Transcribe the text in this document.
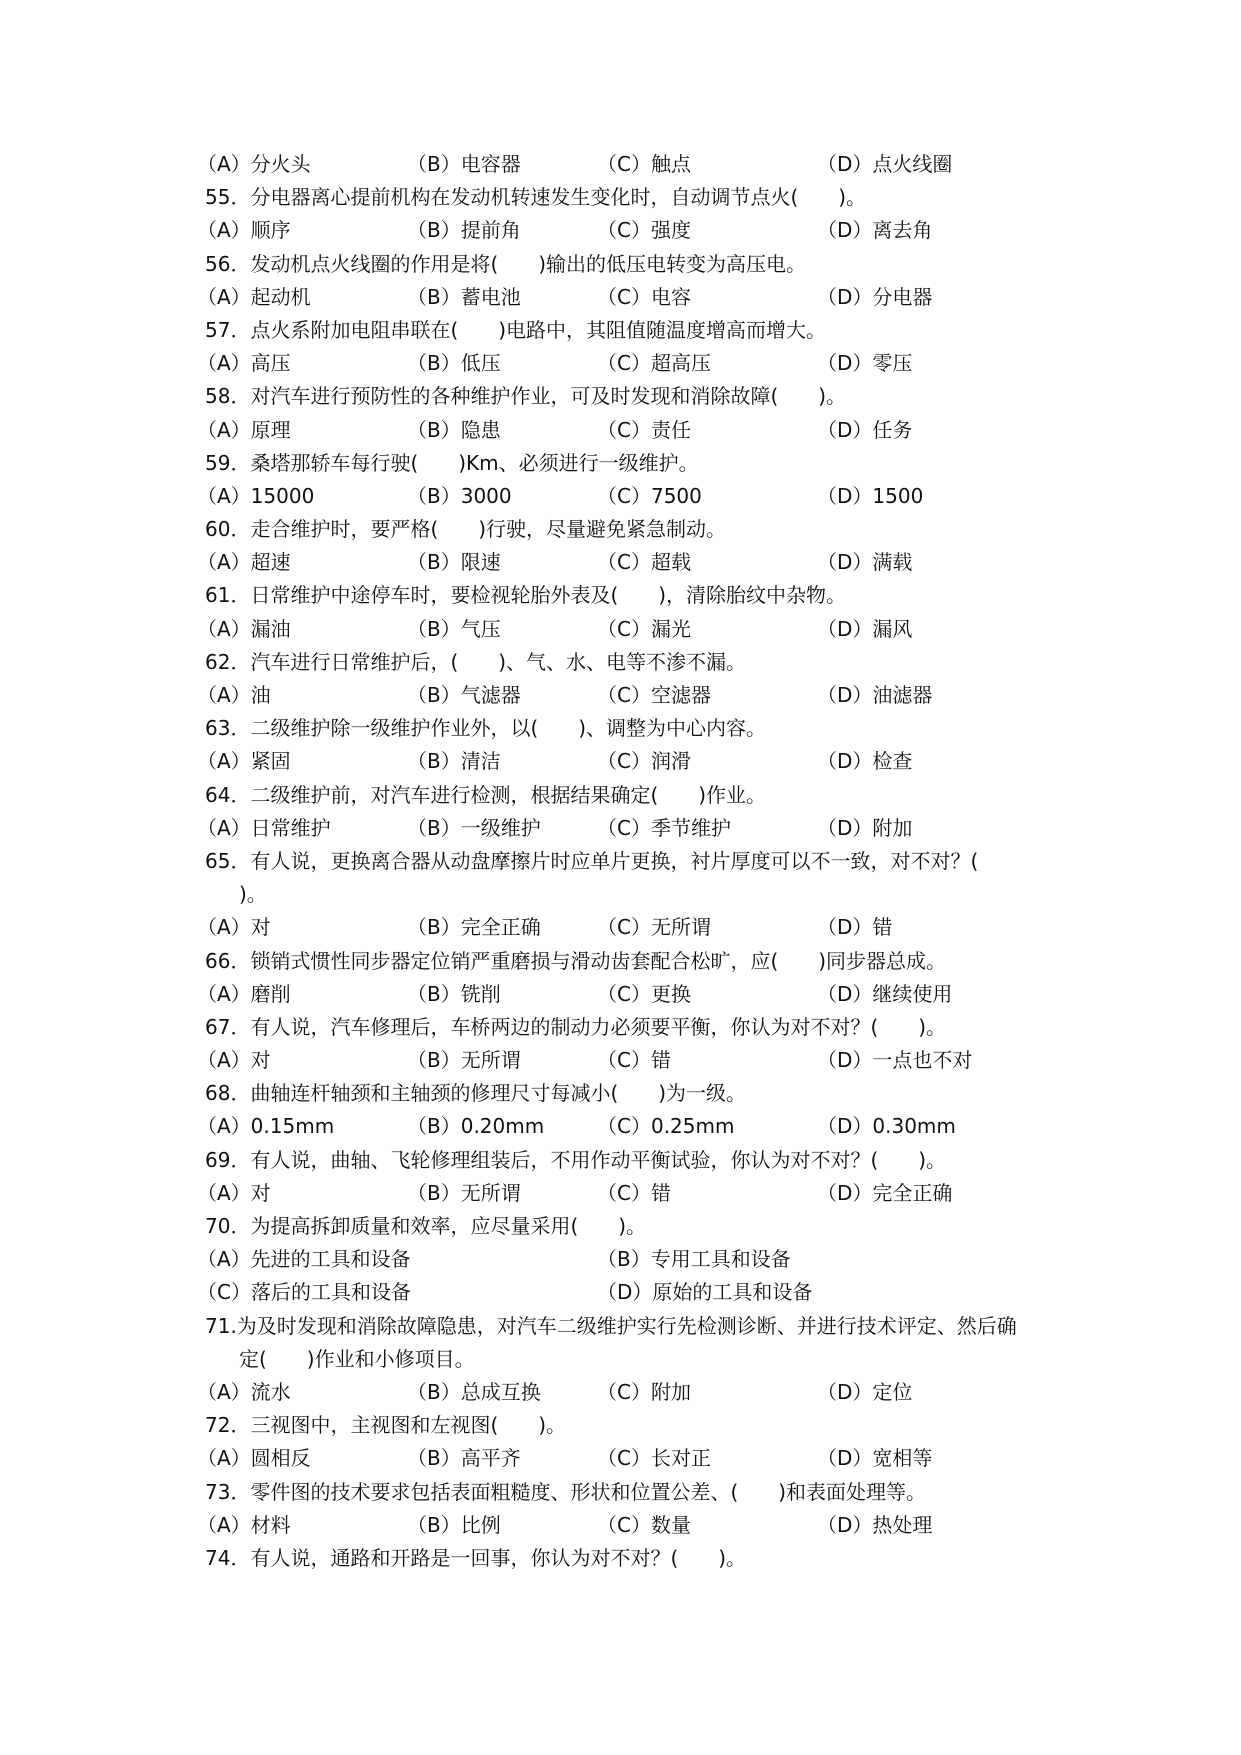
（A）分火头	（B）电容器	（C）触点	（D）点火线圈
55．分电器离心提前机构在发动机转速发生变化时，自动调节点火(　　)。
（A）顺序	（B）提前角	（C）强度	（D）离去角
56．发动机点火线圈的作用是将(　　)输出的低压电转变为高压电。
（A）起动机	（B）蓄电池	（C）电容	（D）分电器
57．点火系附加电阻串联在(　　)电路中，其阻值随温度增高而增大。
（A）高压	（B）低压	（C）超高压	（D）零压
58．对汽车进行预防性的各种维护作业，可及时发现和消除故障(　　)。
（A）原理	（B）隐患	（C）责任	（D）任务
59．桑塔那轿车每行驶(　　)Km、必须进行一级维护。
（A）15000	（B）3000	（C）7500	（D）1500
60．走合维护时，要严格(　　)行驶，尽量避免紧急制动。
（A）超速	（B）限速	（C）超载	（D）满载
61．日常维护中途停车时，要检视轮胎外表及(　　)，清除胎纹中杂物。
（A）漏油	（B）气压	（C）漏光	（D）漏风
62．汽车进行日常维护后，(　　)、气、水、电等不渗不漏。
（A）油	（B）气滤器	（C）空滤器	（D）油滤器
63．二级维护除一级维护作业外，以(　　)、调整为中心内容。
（A）紧固	（B）清洁	（C）润滑	（D）检查
64．二级维护前，对汽车进行检测，根据结果确定(　　)作业。
（A）日常维护	（B）一级维护	（C）季节维护	（D）附加
65．有人说，更换离合器从动盘摩擦片时应单片更换，衬片厚度可以不一致，对不对？(
)。
（A）对	（B）完全正确	（C）无所谓	（D）错
66．锁销式惯性同步器定位销严重磨损与滑动齿套配合松旷，应(　　)同步器总成。
（A）磨削	（B）铣削	（C）更换	（D）继续使用
67．有人说，汽车修理后，车桥两边的制动力必须要平衡，你认为对不对？(　　)。
（A）对	（B）无所谓	（C）错	（D）一点也不对
68．曲轴连杆轴颈和主轴颈的修理尺寸每减小(　　)为一级。
（A）0.15mm	（B）0.20mm	（C）0.25mm	（D）0.30mm
69．有人说，曲轴、飞轮修理组装后，不用作动平衡试验，你认为对不对？(　　)。
（A）对	（B）无所谓	（C）错	（D）完全正确
70．为提高拆卸质量和效率，应尽量采用(　　)。
（A）先进的工具和设备	（B）专用工具和设备
（C）落后的工具和设备	（D）原始的工具和设备
71.为及时发现和消除故障隐患，对汽车二级维护实行先检测诊断、并进行技术评定、然后确
定(　　)作业和小修项目。
（A）流水	（B）总成互换	（C）附加	（D）定位
72．三视图中，主视图和左视图(　　)。
（A）圆相反	（B）高平齐	（C）长对正	（D）宽相等
73．零件图的技术要求包括表面粗糙度、形状和位置公差、(　　)和表面处理等。
（A）材料	（B）比例	（C）数量	（D）热处理
74．有人说，通路和开路是一回事，你认为对不对？(　　)。
